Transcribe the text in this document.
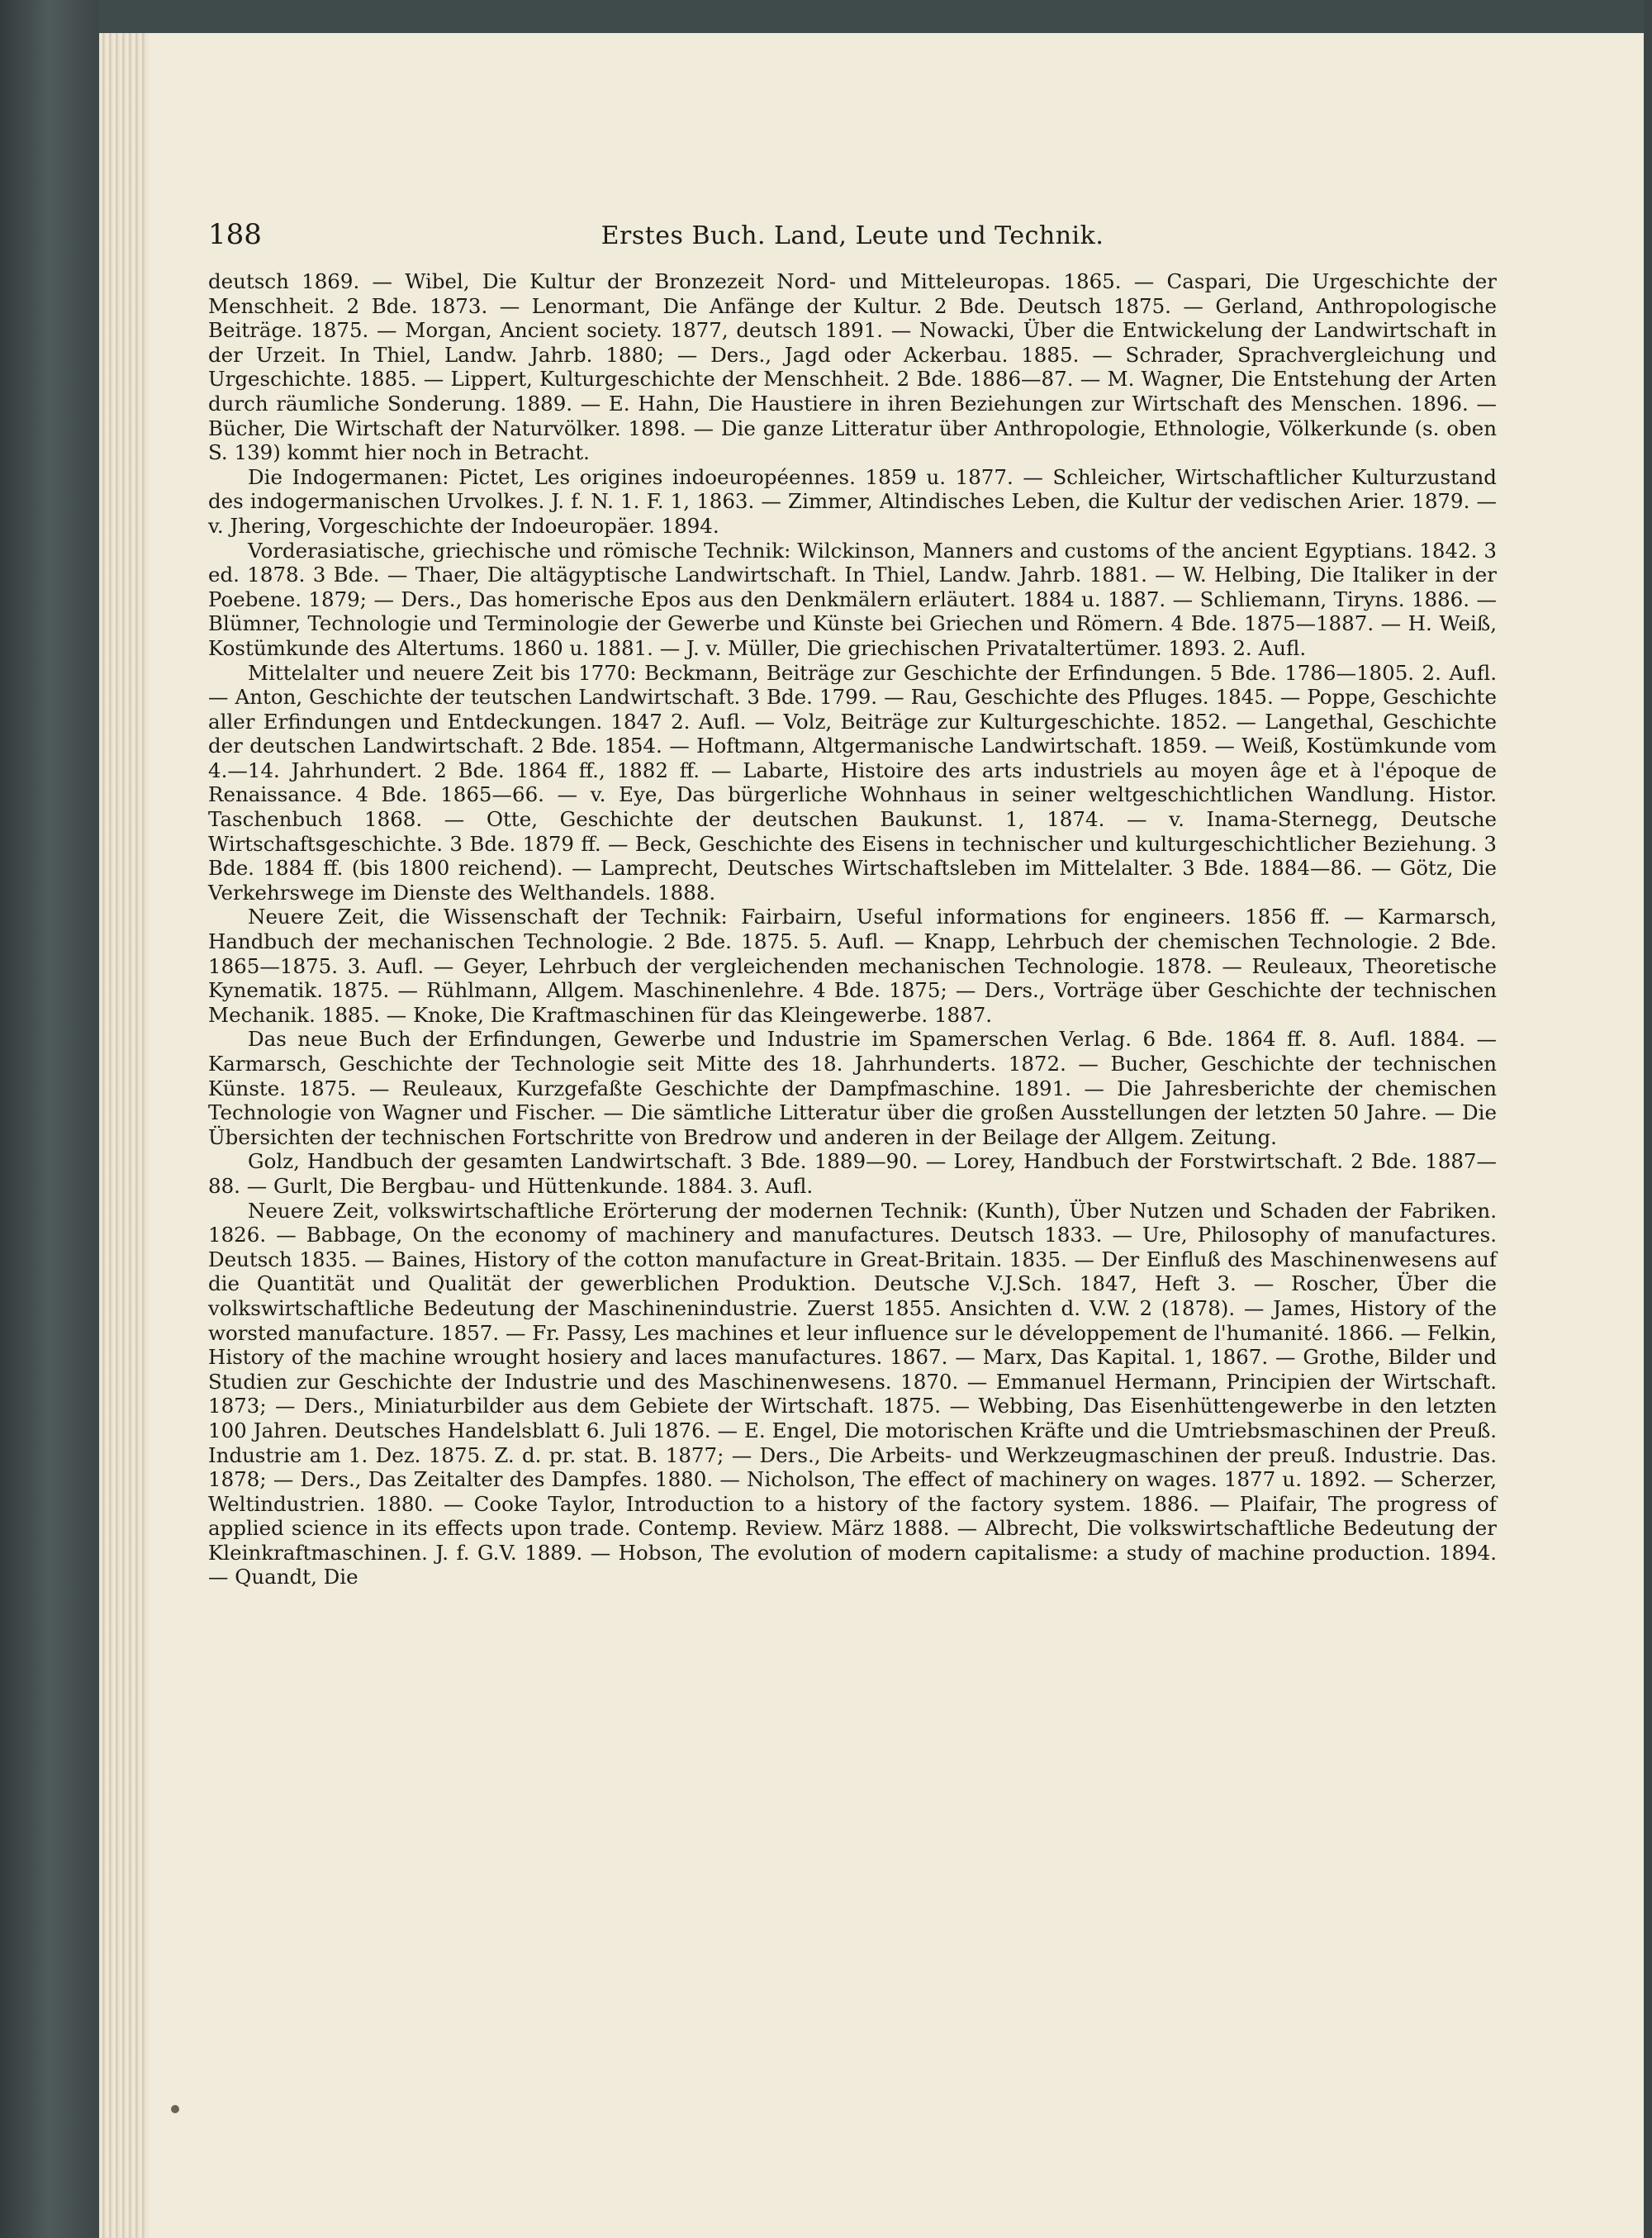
188	Erstes Buch. Land, Leute und Technik.

deutsch 1869. — Wibel, Die Kultur der Bronzezeit Nord- und Mitteleuropas. 1865. — Caspari, Die Urgeschichte der Menschheit. 2 Bde. 1873. — Lenormant, Die Anfänge der Kultur. 2 Bde. Deutsch 1875. — Gerland, Anthropologische Beiträge. 1875. — Morgan, Ancient society. 1877, deutsch 1891. — Nowacki, Über die Entwickelung der Landwirtschaft in der Urzeit. In Thiel, Landw. Jahrb. 1880; — Ders., Jagd oder Ackerbau. 1885. — Schrader, Sprachvergleichung und Urgeschichte. 1885. — Lippert, Kulturgeschichte der Menschheit. 2 Bde. 1886—87. — M. Wagner, Die Entstehung der Arten durch räumliche Sonderung. 1889. — E. Hahn, Die Haustiere in ihren Beziehungen zur Wirtschaft des Menschen. 1896. — Bücher, Die Wirtschaft der Naturvölker. 1898. — Die ganze Litteratur über Anthropologie, Ethnologie, Völkerkunde (s. oben S. 139) kommt hier noch in Betracht.

Die Indogermanen: Pictet, Les origines indoeuropéennes. 1859 u. 1877. — Schleicher, Wirtschaftlicher Kulturzustand des indogermanischen Urvolkes. J. f. N. 1. F. 1, 1863. — Zimmer, Altindisches Leben, die Kultur der vedischen Arier. 1879. — v. Jhering, Vorgeschichte der Indoeuropäer. 1894.

Vorderasiatische, griechische und römische Technik: Wilckinson, Manners and customs of the ancient Egyptians. 1842. 3 ed. 1878. 3 Bde. — Thaer, Die altägyptische Landwirtschaft. In Thiel, Landw. Jahrb. 1881. — W. Helbing, Die Italiker in der Poebene. 1879; — Ders., Das homerische Epos aus den Denkmälern erläutert. 1884 u. 1887. — Schliemann, Tiryns. 1886. — Blümner, Technologie und Terminologie der Gewerbe und Künste bei Griechen und Römern. 4 Bde. 1875—1887. — H. Weiß, Kostümkunde des Altertums. 1860 u. 1881. — J. v. Müller, Die griechischen Privataltertümer. 1893. 2. Aufl.

Mittelalter und neuere Zeit bis 1770: Beckmann, Beiträge zur Geschichte der Erfindungen. 5 Bde. 1786—1805. 2. Aufl. — Anton, Geschichte der teutschen Landwirtschaft. 3 Bde. 1799. — Rau, Geschichte des Pfluges. 1845. — Poppe, Geschichte aller Erfindungen und Entdeckungen. 1847 2. Aufl. — Volz, Beiträge zur Kulturgeschichte. 1852. — Langethal, Geschichte der deutschen Landwirtschaft. 2 Bde. 1854. — Hoftmann, Altgermanische Landwirtschaft. 1859. — Weiß, Kostümkunde vom 4.—14. Jahrhundert. 2 Bde. 1864 ff., 1882 ff. — Labarte, Histoire des arts industriels au moyen âge et à l'époque de Renaissance. 4 Bde. 1865—66. — v. Eye, Das bürgerliche Wohnhaus in seiner weltgeschichtlichen Wandlung. Histor. Taschenbuch 1868. — Otte, Geschichte der deutschen Baukunst. 1, 1874. — v. Inama-Sternegg, Deutsche Wirtschaftsgeschichte. 3 Bde. 1879 ff. — Beck, Geschichte des Eisens in technischer und kulturgeschichtlicher Beziehung. 3 Bde. 1884 ff. (bis 1800 reichend). — Lamprecht, Deutsches Wirtschaftsleben im Mittelalter. 3 Bde. 1884—86. — Götz, Die Verkehrswege im Dienste des Welthandels. 1888.

Neuere Zeit, die Wissenschaft der Technik: Fairbairn, Useful informations for engineers. 1856 ff. — Karmarsch, Handbuch der mechanischen Technologie. 2 Bde. 1875. 5. Aufl. — Knapp, Lehrbuch der chemischen Technologie. 2 Bde. 1865—1875. 3. Aufl. — Geyer, Lehrbuch der vergleichenden mechanischen Technologie. 1878. — Reuleaux, Theoretische Kynematik. 1875. — Rühlmann, Allgem. Maschinenlehre. 4 Bde. 1875; — Ders., Vorträge über Geschichte der technischen Mechanik. 1885. — Knoke, Die Kraftmaschinen für das Kleingewerbe. 1887.

Das neue Buch der Erfindungen, Gewerbe und Industrie im Spamerschen Verlag. 6 Bde. 1864 ff. 8. Aufl. 1884. — Karmarsch, Geschichte der Technologie seit Mitte des 18. Jahrhunderts. 1872. — Bucher, Geschichte der technischen Künste. 1875. — Reuleaux, Kurzgefaßte Geschichte der Dampfmaschine. 1891. — Die Jahresberichte der chemischen Technologie von Wagner und Fischer. — Die sämtliche Litteratur über die großen Ausstellungen der letzten 50 Jahre. — Die Übersichten der technischen Fortschritte von Bredrow und anderen in der Beilage der Allgem. Zeitung.

Golz, Handbuch der gesamten Landwirtschaft. 3 Bde. 1889—90. — Lorey, Handbuch der Forstwirtschaft. 2 Bde. 1887—88. — Gurlt, Die Bergbau- und Hüttenkunde. 1884. 3. Aufl.

Neuere Zeit, volkswirtschaftliche Erörterung der modernen Technik: (Kunth), Über Nutzen und Schaden der Fabriken. 1826. — Babbage, On the economy of machinery and manufactures. Deutsch 1833. — Ure, Philosophy of manufactures. Deutsch 1835. — Baines, History of the cotton manufacture in Great-Britain. 1835. — Der Einfluß des Maschinenwesens auf die Quantität und Qualität der gewerblichen Produktion. Deutsche V.J.Sch. 1847, Heft 3. — Roscher, Über die volkswirtschaftliche Bedeutung der Maschinenindustrie. Zuerst 1855. Ansichten d. V.W. 2 (1878). — James, History of the worsted manufacture. 1857. — Fr. Passy, Les machines et leur influence sur le développement de l'humanité. 1866. — Felkin, History of the machine wrought hosiery and laces manufactures. 1867. — Marx, Das Kapital. 1, 1867. — Grothe, Bilder und Studien zur Geschichte der Industrie und des Maschinenwesens. 1870. — Emmanuel Hermann, Principien der Wirtschaft. 1873; — Ders., Miniaturbilder aus dem Gebiete der Wirtschaft. 1875. — Webbing, Das Eisenhüttengewerbe in den letzten 100 Jahren. Deutsches Handelsblatt 6. Juli 1876. — E. Engel, Die motorischen Kräfte und die Umtriebsmaschinen der Preuß. Industrie am 1. Dez. 1875. Z. d. pr. stat. B. 1877; — Ders., Die Arbeits- und Werkzeugmaschinen der preuß. Industrie. Das. 1878; — Ders., Das Zeitalter des Dampfes. 1880. — Nicholson, The effect of machinery on wages. 1877 u. 1892. — Scherzer, Weltindustrien. 1880. — Cooke Taylor, Introduction to a history of the factory system. 1886. — Plaifair, The progress of applied science in its effects upon trade. Contemp. Review. März 1888. — Albrecht, Die volkswirtschaftliche Bedeutung der Kleinkraftmaschinen. J. f. G.V. 1889. — Hobson, The evolution of modern capitalisme: a study of machine production. 1894. — Quandt, Die
